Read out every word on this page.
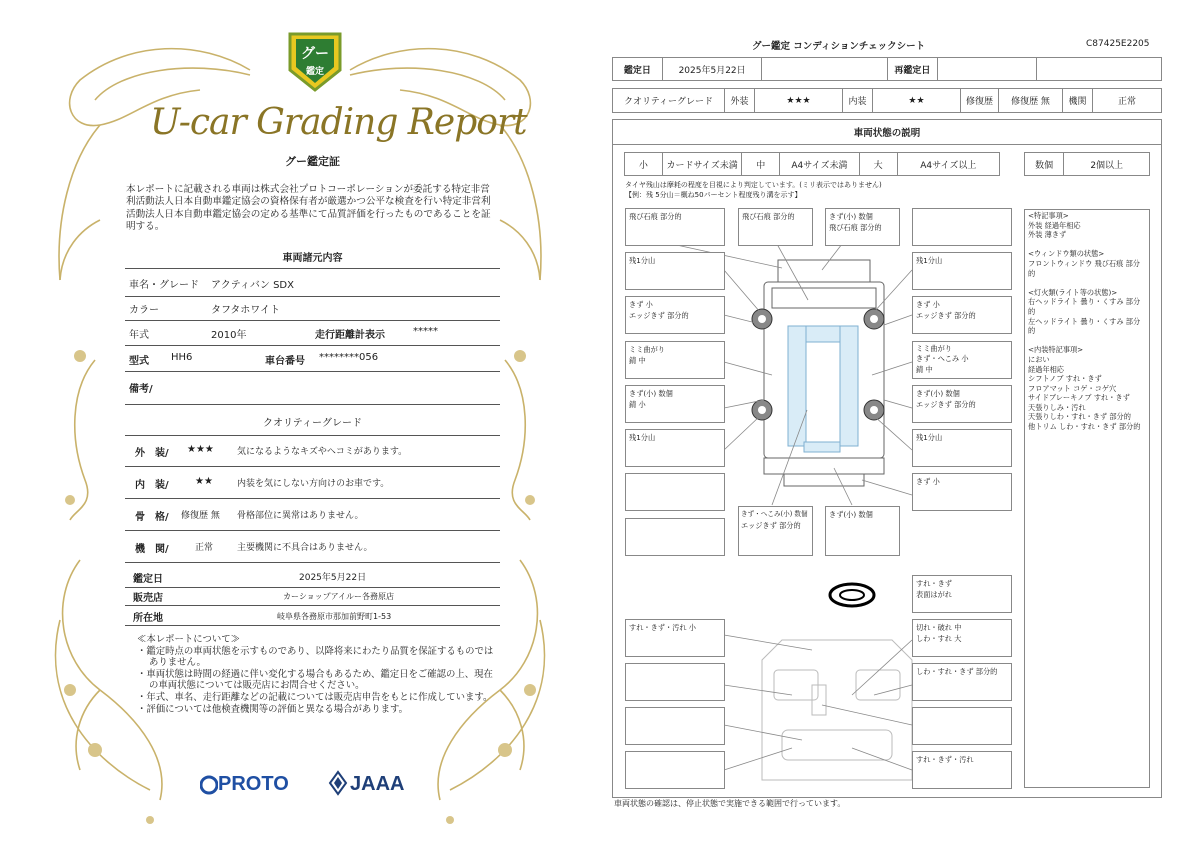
グー
鑑定
U-car Grading Report
グー鑑定証
本レポートに記載される車両は株式会社プロトコーポレーションが委託する特定非営利活動法人日本自動車鑑定協会の資格保有者が厳選かつ公平な検査を行い特定非営利活動法人日本自動車鑑定協会の定める基準にて品質評価を行ったものであることを証明する。
車両諸元内容
車名・グレード アクティバン SDX
カラー	タフタホワイト
年式	2010年	走行距離計表示	*****
型式 HH6	車台番号 ********056
備考/
クオリティーグレード
外　装/ ★★★	気になるようなキズやヘコミがあります。
内　装/	★★	内装を気にしない方向けのお車です。
骨　格/ 修復歴 無 骨格部位に異常はありません。
機　関/	正常	主要機関に不具合はありません。
鑑定日	2025年5月22日
販売店	カーショップアイルー各務原店
所在地	岐阜県各務原市那加前野町1-53
≪本レポートについて≫
・鑑定時点の車両状態を示すものであり、以降将来にわたり品質を保証するものではありません。
・車両状態は時間の経過に伴い変化する場合もあるため、鑑定日をご確認の上、現在の車両状態については販売店にお問合せください。
・年式、車名、走行距離などの記載については販売店申告をもとに作成しています。
・評価については他検査機関等の評価と異なる場合があります。
PROTO	JAAA
グー鑑定 コンディションチェックシート	C87425E2205
鑑定日	2025年5月22日	再鑑定日
クオリティーグレード	外装	★★★	内装	★★	修復歴	修復歴 無	機関	正常
車両状態の説明
小	カードサイズ未満	中	A4サイズ未満	大	A4サイズ以上	数個	2個以上
タイヤ残山は摩耗の程度を目視により判定しています。(ミリ表示ではありません)
【例：残 5分山＝概ね50パーセント程度残り溝を示す】
飛び石痕 部分的	飛び石痕 部分的	きず(小) 数個
飛び石痕 部分的
残1分山	残1分山
きず 小
エッジきず 部分的
きず 小
エッジきず 部分的
ミミ曲がり
錆 中
ミミ曲がり
きず・へこみ 小
錆 中
きず(小) 数個
錆 小
きず(小) 数個
エッジきず 部分的
残1分山	残1分山
きず 小
きず・へこみ(小) 数個
エッジきず 部分的
きず(小) 数個
すれ・きず
表面はがれ
すれ・きず・汚れ 小	切れ・破れ 中
しわ・すれ 大
しわ・すれ・きず 部分的
すれ・きず・汚れ
<特記事項>
外装 経過年相応
外装 薄きず
<ウィンドウ類の状態>
フロントウィンドウ 飛び石痕 部分的
<灯火類(ライト等の状態)>
右ヘッドライト 曇り・くすみ 部分的
左ヘッドライト 曇り・くすみ 部分的
<内装特記事項>
におい
経過年相応
シフトノブ すれ・きず
フロアマット コゲ・コゲ穴
サイドブレーキノブ すれ・きず
天張りしみ・汚れ
天張りしわ・すれ・きず 部分的
他トリム しわ・すれ・きず 部分的
車両状態の確認は、停止状態で実施できる範囲で行っています。
